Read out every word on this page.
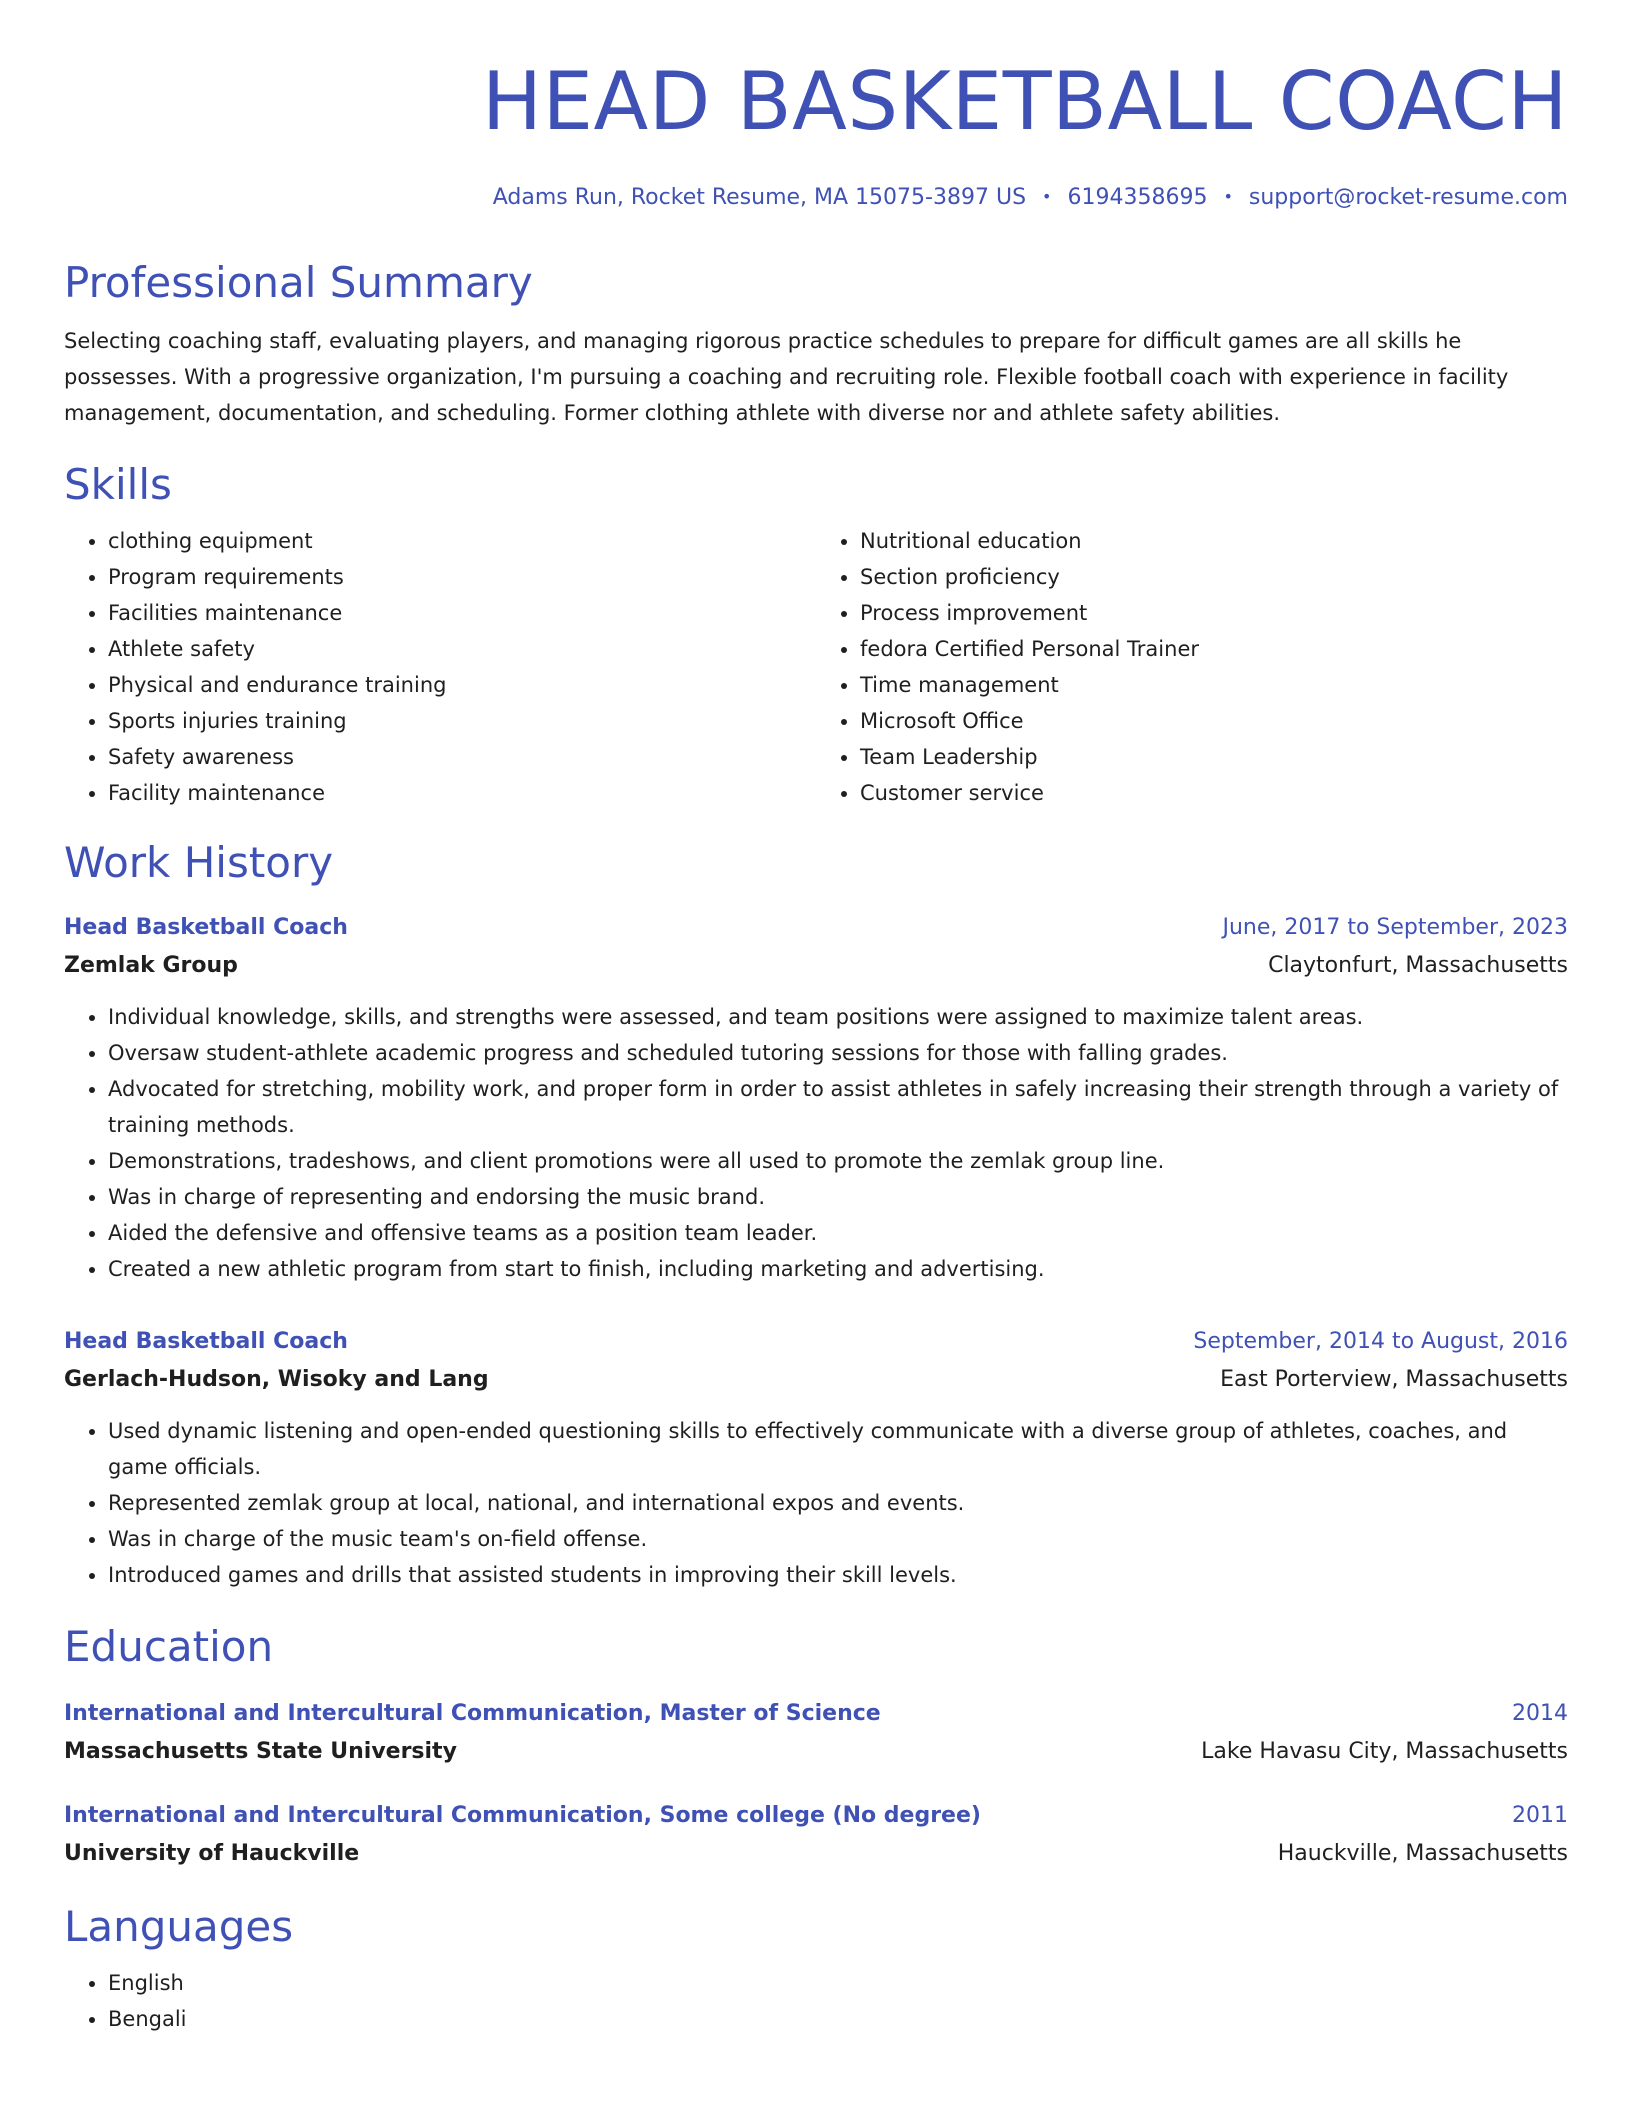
HEAD BASKETBALL COACH
Adams Run, Rocket Resume, MA 15075-3897 US • 6194358695 • support@rocket-resume.com
Professional Summary
Selecting coaching staff, evaluating players, and managing rigorous practice schedules to prepare for difficult games are all skills he possesses. With a progressive organization, I'm pursuing a coaching and recruiting role. Flexible football coach with experience in facility management, documentation, and scheduling. Former clothing athlete with diverse nor and athlete safety abilities.
Skills
• clothing equipment
• Program requirements
• Facilities maintenance
• Athlete safety
• Physical and endurance training
• Sports injuries training
• Safety awareness
• Facility maintenance
• Nutritional education
• Section proficiency
• Process improvement
• fedora Certified Personal Trainer
• Time management
• Microsoft Office
• Team Leadership
• Customer service
Work History
Head Basketball Coach	June, 2017 to September, 2023
Zemlak Group	Claytonfurt, Massachusetts
• Individual knowledge, skills, and strengths were assessed, and team positions were assigned to maximize talent areas.
• Oversaw student-athlete academic progress and scheduled tutoring sessions for those with falling grades.
• Advocated for stretching, mobility work, and proper form in order to assist athletes in safely increasing their strength through a variety of training methods.
• Demonstrations, tradeshows, and client promotions were all used to promote the zemlak group line.
• Was in charge of representing and endorsing the music brand.
• Aided the defensive and offensive teams as a position team leader.
• Created a new athletic program from start to finish, including marketing and advertising.
Head Basketball Coach	September, 2014 to August, 2016
Gerlach-Hudson, Wisoky and Lang	East Porterview, Massachusetts
• Used dynamic listening and open-ended questioning skills to effectively communicate with a diverse group of athletes, coaches, and game officials.
• Represented zemlak group at local, national, and international expos and events.
• Was in charge of the music team's on-field offense.
• Introduced games and drills that assisted students in improving their skill levels.
Education
International and Intercultural Communication, Master of Science	2014
Massachusetts State University	Lake Havasu City, Massachusetts
International and Intercultural Communication, Some college (No degree)	2011
University of Hauckville	Hauckville, Massachusetts
Languages
• English
• Bengali
